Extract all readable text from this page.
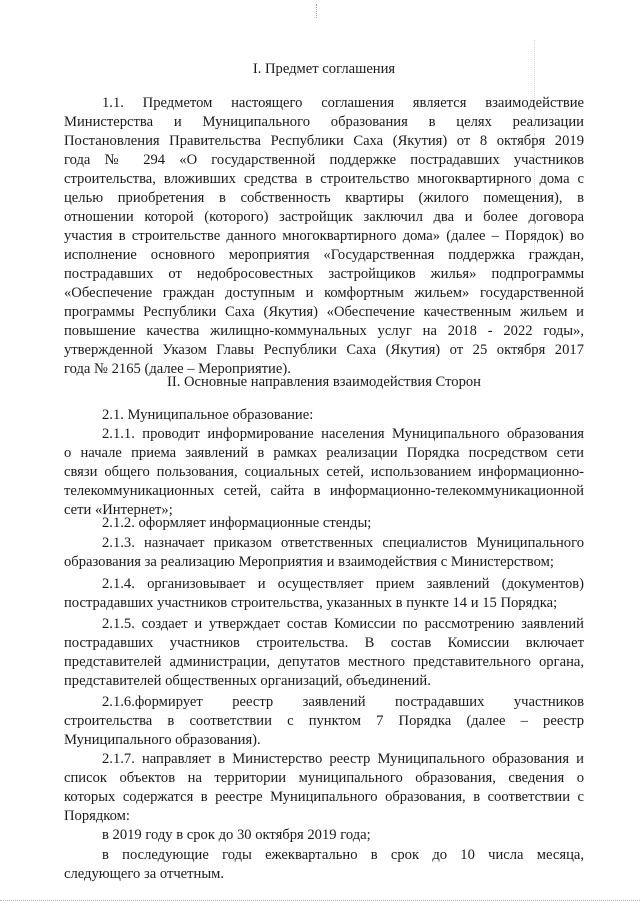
I. Предмет соглашения
1.1. Предметом настоящего соглашения является взаимодействие
Министерства и Муниципального образования в целях реализации
Постановления Правительства Республики Саха (Якутия) от 8 октября 2019
года № 294 «О государственной поддержке пострадавших участников
строительства, вложивших средства в строительство многоквартирного дома с
целью приобретения в собственность квартиры (жилого помещения), в
отношении которой (которого) застройщик заключил два и более договора
участия в строительстве данного многоквартирного дома» (далее – Порядок) во
исполнение основного мероприятия «Государственная поддержка граждан,
пострадавших от недобросовестных застройщиков жилья» подпрограммы
«Обеспечение граждан доступным и комфортным жильем» государственной
программы Республики Саха (Якутия) «Обеспечение качественным жильем и
повышение качества жилищно-коммунальных услуг на 2018 - 2022 годы»,
утвержденной Указом Главы Республики Саха (Якутия) от 25 октября 2017
года № 2165 (далее – Мероприятие).
II. Основные направления взаимодействия Сторон
2.1. Муниципальное образование:
2.1.1. проводит информирование населения Муниципального образования
о начале приема заявлений в рамках реализации Порядка посредством сети
связи общего пользования, социальных сетей, использованием информационно-
телекоммуникационных сетей, сайта в информационно-телекоммуникационной
сети «Интернет»;
2.1.2. оформляет информационные стенды;
2.1.3. назначает приказом ответственных специалистов Муниципального
образования за реализацию Мероприятия и взаимодействия с Министерством;
2.1.4. организовывает и осуществляет прием заявлений (документов)
пострадавших участников строительства, указанных в пункте 14 и 15 Порядка;
2.1.5. создает и утверждает состав Комиссии по рассмотрению заявлений
пострадавших участников строительства. В состав Комиссии включает
представителей администрации, депутатов местного представительного органа,
представителей общественных организаций, объединений.
2.1.6.формирует реестр заявлений пострадавших участников
строительства в соответствии с пунктом 7 Порядка (далее – реестр
Муниципального образования).
2.1.7. направляет в Министерство реестр Муниципального образования и
список объектов на территории муниципального образования, сведения о
которых содержатся в реестре Муниципального образования, в соответствии с
Порядком:
в 2019 году в срок до 30 октября 2019 года;
в последующие годы ежеквартально в срок до 10 числа месяца,
следующего за отчетным.
